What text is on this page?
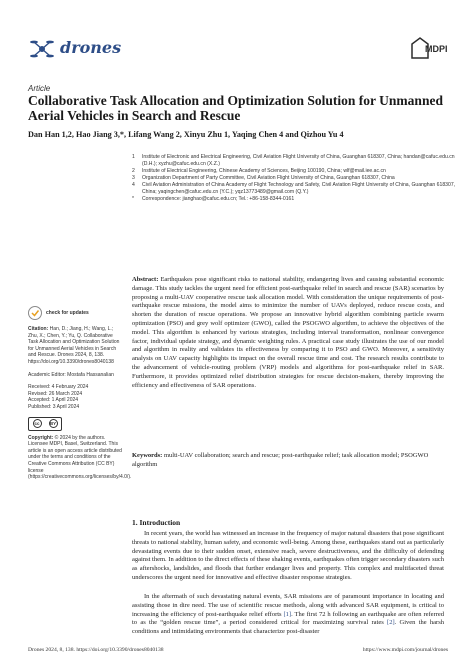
drones	MDPI
Article
Collaborative Task Allocation and Optimization Solution for Unmanned Aerial Vehicles in Search and Rescue
Dan Han 1,2, Hao Jiang 3,*, Lifang Wang 2, Xinyu Zhu 1, Yaqing Chen 4 and Qizhou Yu 4
1	Institute of Electronic and Electrical Engineering, Civil Aviation Flight University of China, Guanghan 618307, China; handan@cafuc.edu.cn (D.H.); xyzhu@cafuc.edu.cn (X.Z.)
2	Institute of Electrical Engineering, Chinese Academy of Sciences, Beijing 100190, China; wlf@mail.iee.ac.cn
3	Organization Department of Party Committee, Civil Aviation Flight University of China, Guanghan 618307, China
4	Civil Aviation Administration of China Academy of Flight Technology and Safety, Civil Aviation Flight University of China, Guanghan 618307, China; yaqingchen@cafuc.edu.cn (Y.C.); yqz13773489@gmail.com (Q.Y.)
*	Correspondence: jianghao@cafuc.edu.cn; Tel.: +86-158-8344-0161
check for updates
Citation: Han, D.; Jiang, H.; Wang, L.; Zhu, X.; Chen, Y.; Yu, Q. Collaborative Task Allocation and Optimization Solution for Unmanned Aerial Vehicles in Search and Rescue. Drones 2024, 8, 138. https://doi.org/10.3390/drones8040138
Academic Editor: Mostafa Hassanalian
Received: 4 February 2024
Revised: 26 March 2024
Accepted: 1 April 2024
Published: 3 April 2024
cc	BY
Copyright: © 2024 by the authors. Licensee MDPI, Basel, Switzerland. This article is an open access article distributed under the terms and conditions of the Creative Commons Attribution (CC BY) license (https://creativecommons.org/licenses/by/4.0/).
Abstract: Earthquakes pose significant risks to national stability, endangering lives and causing substantial economic damage. This study tackles the urgent need for efficient post-earthquake relief in search and rescue (SAR) scenarios by proposing a multi-UAV cooperative rescue task allocation model. With consideration the unique requirements of post-earthquake rescue missions, the model aims to minimize the number of UAVs deployed, reduce rescue costs, and shorten the duration of rescue operations. We propose an innovative hybrid algorithm combining particle swarm optimization (PSO) and grey wolf optimizer (GWO), called the PSOGWO algorithm, to achieve the objectives of the model. This algorithm is enhanced by various strategies, including interval transformation, nonlinear convergence factor, individual update strategy, and dynamic weighting rules. A practical case study illustrates the use of our model and algorithm in reality and validates its effectiveness by comparing it to PSO and GWO. Moreover, a sensitivity analysis on UAV capacity highlights its impact on the overall rescue time and cost. The research results contribute to the advancement of vehicle-routing problem (VRP) models and algorithms for post-earthquake relief in SAR. Furthermore, it provides optimized relief distribution strategies for rescue decision-makers, thereby improving the efficiency and effectiveness of SAR operations.
Keywords: multi-UAV collaboration; search and rescue; post-earthquake relief; task allocation model; PSOGWO algorithm
1. Introduction
In recent years, the world has witnessed an increase in the frequency of major natural disasters that pose significant threats to national stability, human safety, and economic well-being. Among these, earthquakes stand out as particularly devastating events due to their sudden onset, extensive reach, severe destructiveness, and the difficulty of defending against them. In addition to the direct effects of these shaking events, earthquakes often trigger secondary disasters such as aftershocks, landslides, and floods that further endanger lives and property. This complex and multifaceted threat underscores the urgent need for innovative and effective disaster response strategies.
In the aftermath of such devastating natural events, SAR missions are of paramount importance in locating and assisting those in dire need. The use of scientific rescue methods, along with advanced SAR equipment, is critical to increasing the efficiency of post-earthquake relief efforts [1]. The first 72 h following an earthquake are often referred to as the “golden rescue time”, a period considered critical for maximizing survival rates [2]. Given the harsh conditions and intimidating environments that characterize post-disaster
Drones 2024, 8, 138. https://doi.org/10.3390/drones8040138	https://www.mdpi.com/journal/drones
